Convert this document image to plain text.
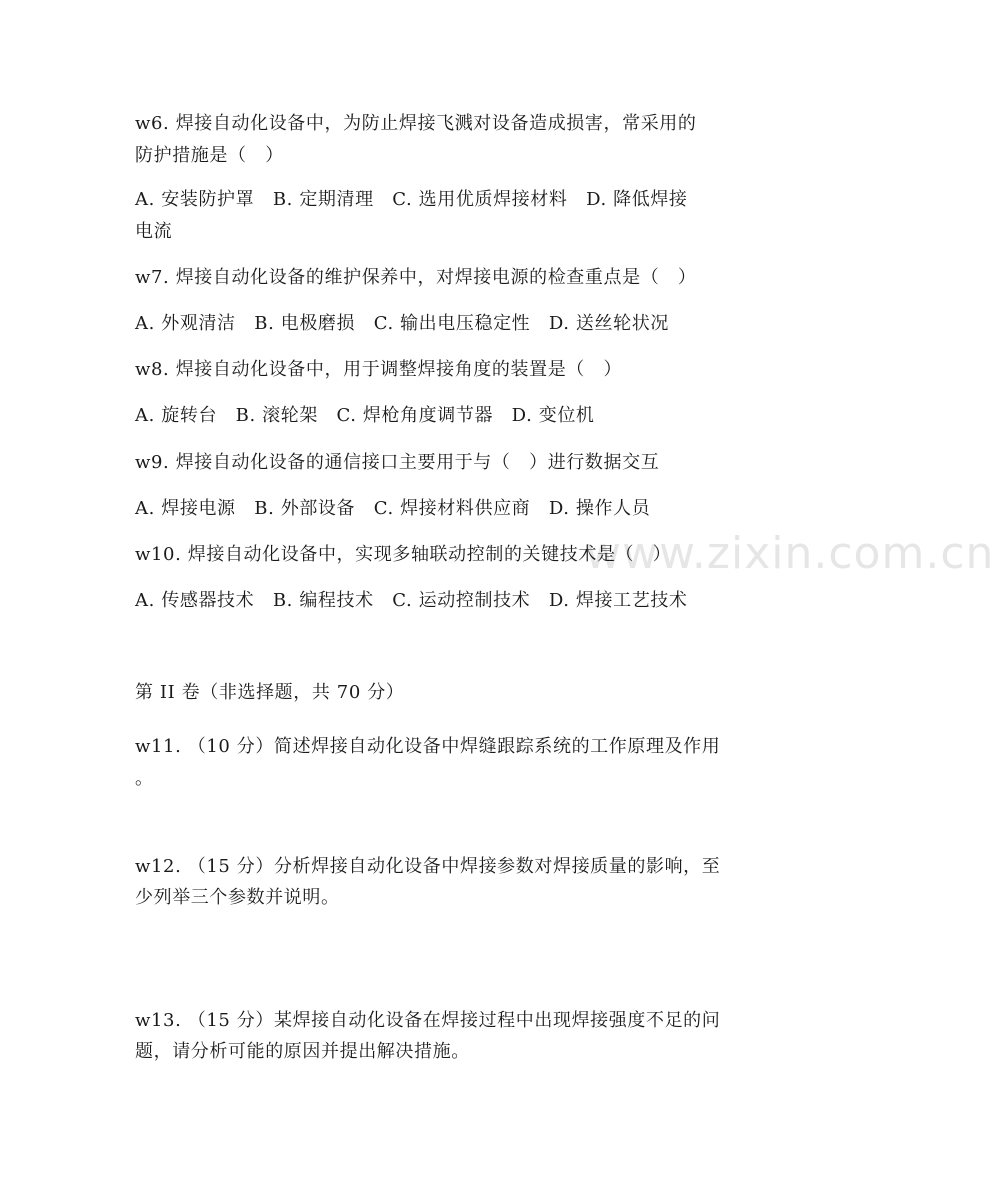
www.zixin.com.cn
w6. 焊接自动化设备中，为防止焊接飞溅对设备造成损害，常采用的
防护措施是（　）
A. 安装防护罩　B. 定期清理　C. 选用优质焊接材料　D. 降低焊接
电流
w7. 焊接自动化设备的维护保养中，对焊接电源的检查重点是（　）
A. 外观清洁　B. 电极磨损　C. 输出电压稳定性　D. 送丝轮状况
w8. 焊接自动化设备中，用于调整焊接角度的装置是（　）
A. 旋转台　B. 滚轮架　C. 焊枪角度调节器　D. 变位机
w9. 焊接自动化设备的通信接口主要用于与（　）进行数据交互
A. 焊接电源　B. 外部设备　C. 焊接材料供应商　D. 操作人员
w10. 焊接自动化设备中，实现多轴联动控制的关键技术是（　）
A. 传感器技术　B. 编程技术　C. 运动控制技术　D. 焊接工艺技术
第 II 卷（非选择题，共 70 分）
w11. （10 分）简述焊接自动化设备中焊缝跟踪系统的工作原理及作用
。
w12. （15 分）分析焊接自动化设备中焊接参数对焊接质量的影响，至
少列举三个参数并说明。
w13. （15 分）某焊接自动化设备在焊接过程中出现焊接强度不足的问
题，请分析可能的原因并提出解决措施。
